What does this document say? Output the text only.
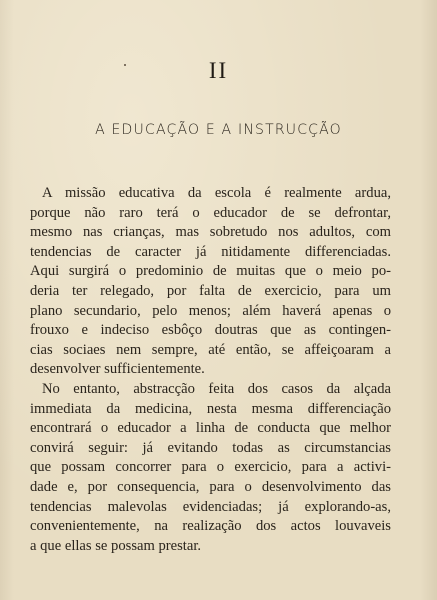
II
A EDUCAÇÃO E A INSTRUCÇÃO
A missão educativa da escola é realmente ardua,
porque não raro terá o educador de se defrontar,
mesmo nas crianças, mas sobretudo nos adultos, com
tendencias de caracter já nitidamente differenciadas.
Aqui surgirá o predominio de muitas que o meio po-
deria ter relegado, por falta de exercicio, para um
plano secundario, pelo menos; além haverá apenas o
frouxo e indeciso esbôço doutras que as contingen-
cias sociaes nem sempre, até então, se affeiçoaram a
desenvolver sufficientemente.
No entanto, abstracção feita dos casos da alçada
immediata da medicina, nesta mesma differenciação
encontrará o educador a linha de conducta que melhor
convirá seguir: já evitando todas as circumstancias
que possam concorrer para o exercicio, para a activi-
dade e, por consequencia, para o desenvolvimento das
tendencias malevolas evidenciadas; já explorando-as,
convenientemente, na realização dos actos louvaveis
a que ellas se possam prestar.
